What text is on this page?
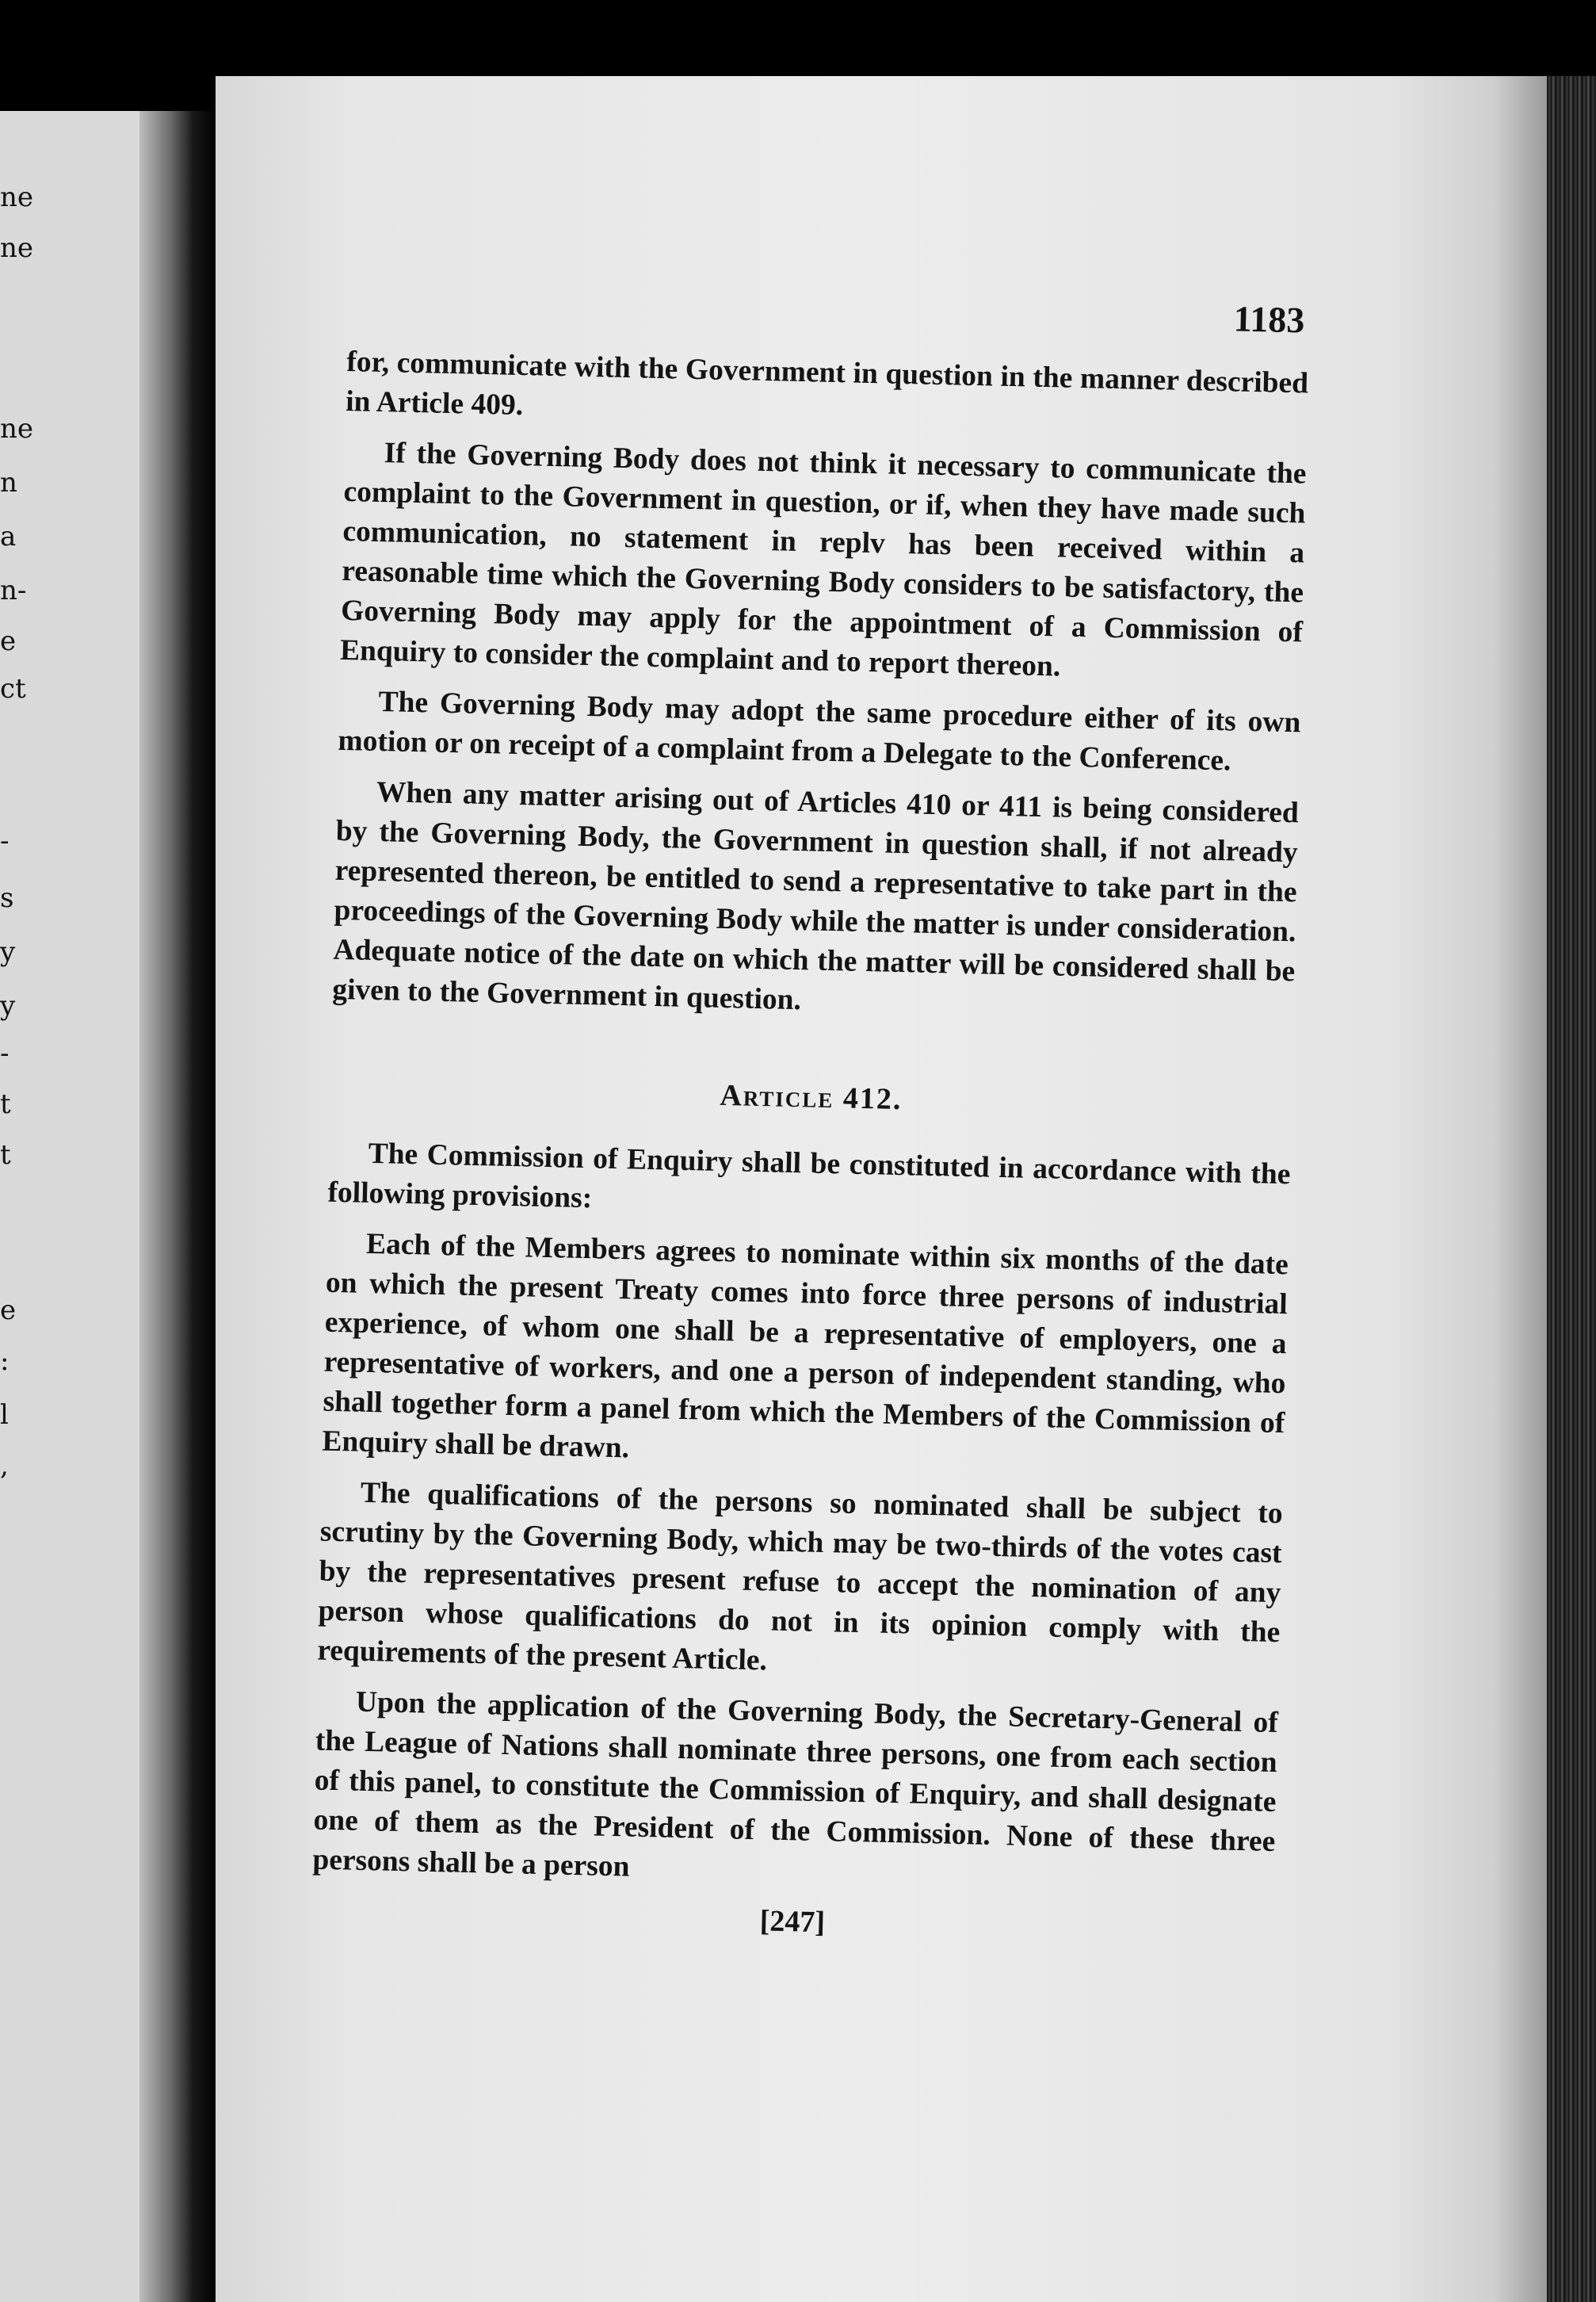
ne
ne
ne
n
a
n-
e
ct
-
s
y
y
-
t
t
e
:
l
,
1183

for, communicate with the Government in question in the manner described in Article 409.

If the Governing Body does not think it necessary to communicate the complaint to the Government in question, or if, when they have made such communication, no statement in replv has been received within a reasonable time which the Governing Body considers to be satisfactory, the Governing Body may apply for the appointment of a Commission of Enquiry to consider the complaint and to report thereon.

The Governing Body may adopt the same procedure either of its own motion or on receipt of a complaint from a Delegate to the Conference.

When any matter arising out of Articles 410 or 411 is being considered by the Governing Body, the Government in question shall, if not already represented thereon, be entitled to send a representative to take part in the proceedings of the Governing Body while the matter is under consideration. Adequate notice of the date on which the matter will be considered shall be given to the Government in question.

Article 412.

The Commission of Enquiry shall be constituted in accordance with the following provisions:

Each of the Members agrees to nominate within six months of the date on which the present Treaty comes into force three persons of industrial experience, of whom one shall be a representative of employers, one a representative of workers, and one a person of independent standing, who shall together form a panel from which the Members of the Commission of Enquiry shall be drawn.

The qualifications of the persons so nominated shall be subject to scrutiny by the Governing Body, which may be two-thirds of the votes cast by the representatives present refuse to accept the nomination of any person whose qualifications do not in its opinion comply with the requirements of the present Article.

Upon the application of the Governing Body, the Secretary-General of the League of Nations shall nominate three persons, one from each section of this panel, to constitute the Commission of Enquiry, and shall designate one of them as the President of the Commission. None of these three persons shall be a person

[247]
